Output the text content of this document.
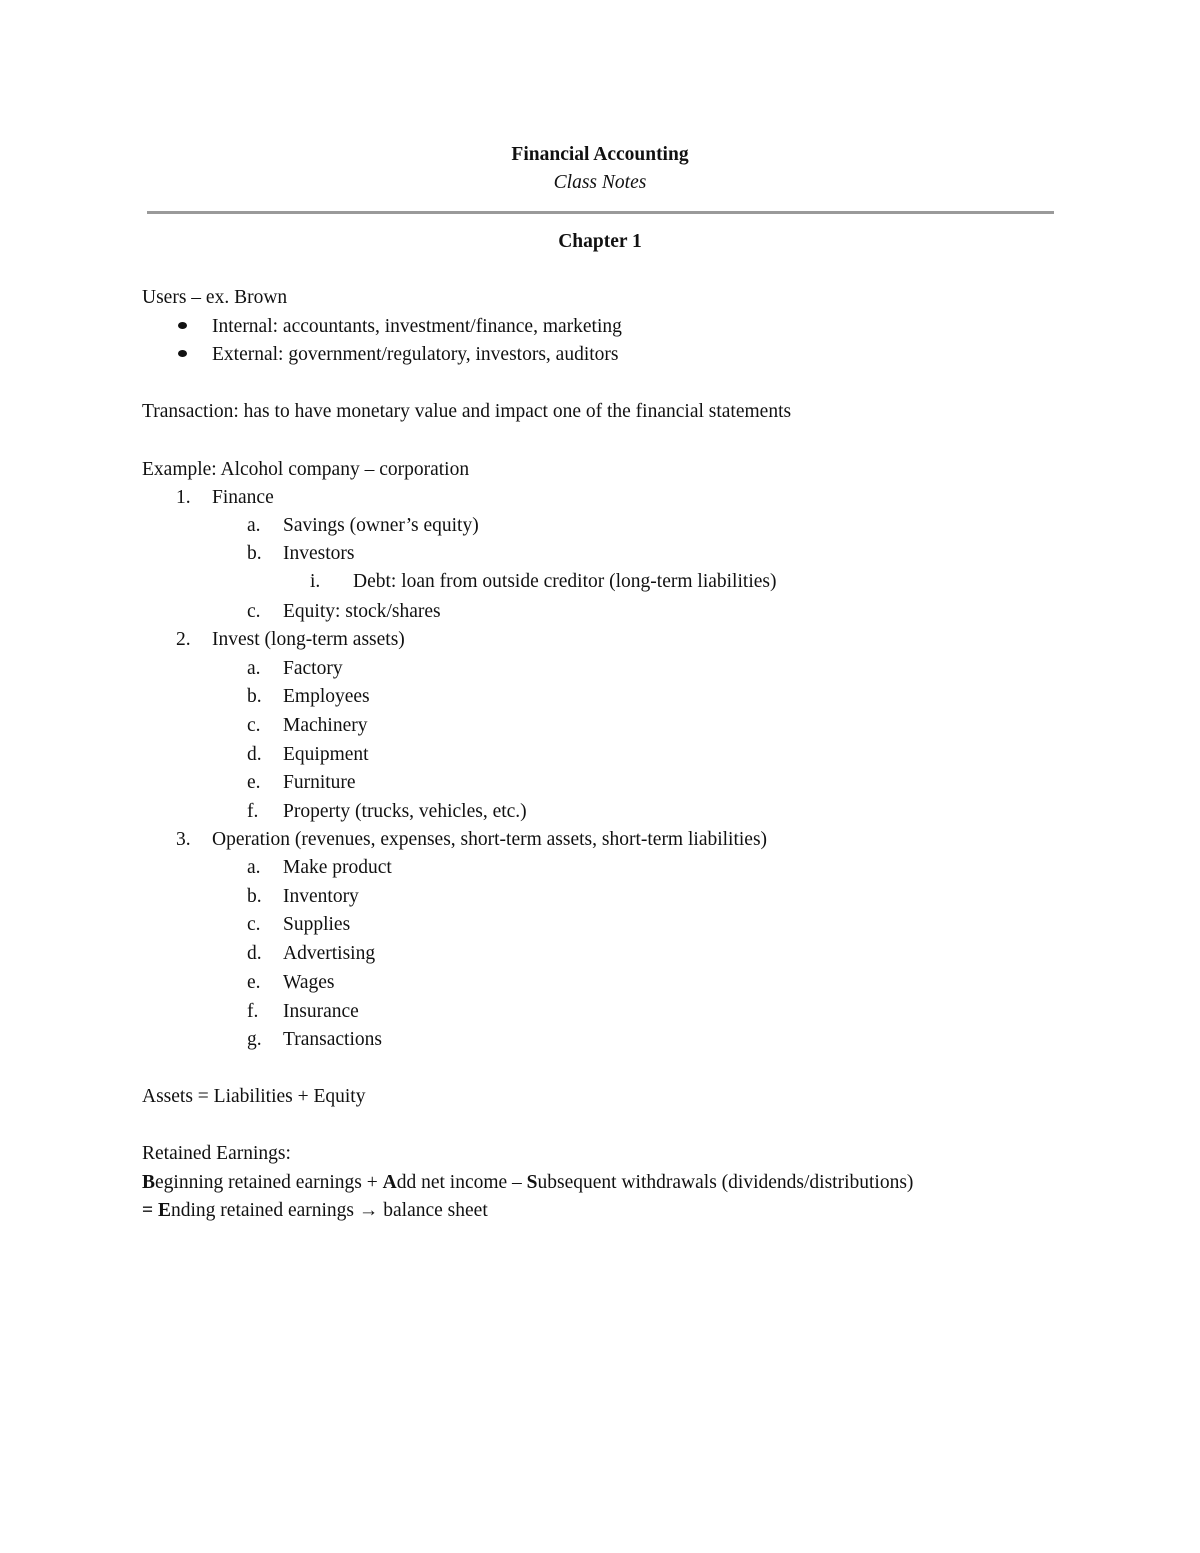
Financial Accounting
Class Notes
Chapter 1
Users – ex. Brown
Internal: accountants, investment/finance, marketing
External: government/regulatory, investors, auditors
Transaction: has to have monetary value and impact one of the financial statements
Example: Alcohol company – corporation
1. Finance
a. Savings (owner’s equity)
b. Investors
i. Debt: loan from outside creditor (long-term liabilities)
c. Equity: stock/shares
2. Invest (long-term assets)
a. Factory
b. Employees
c. Machinery
d. Equipment
e. Furniture
f. Property (trucks, vehicles, etc.)
3. Operation (revenues, expenses, short-term assets, short-term liabilities)
a. Make product
b. Inventory
c. Supplies
d. Advertising
e. Wages
f. Insurance
g. Transactions
Assets = Liabilities + Equity
Retained Earnings:
Beginning retained earnings + Add net income – Subsequent withdrawals (dividends/distributions)
= Ending retained earnings → balance sheet
